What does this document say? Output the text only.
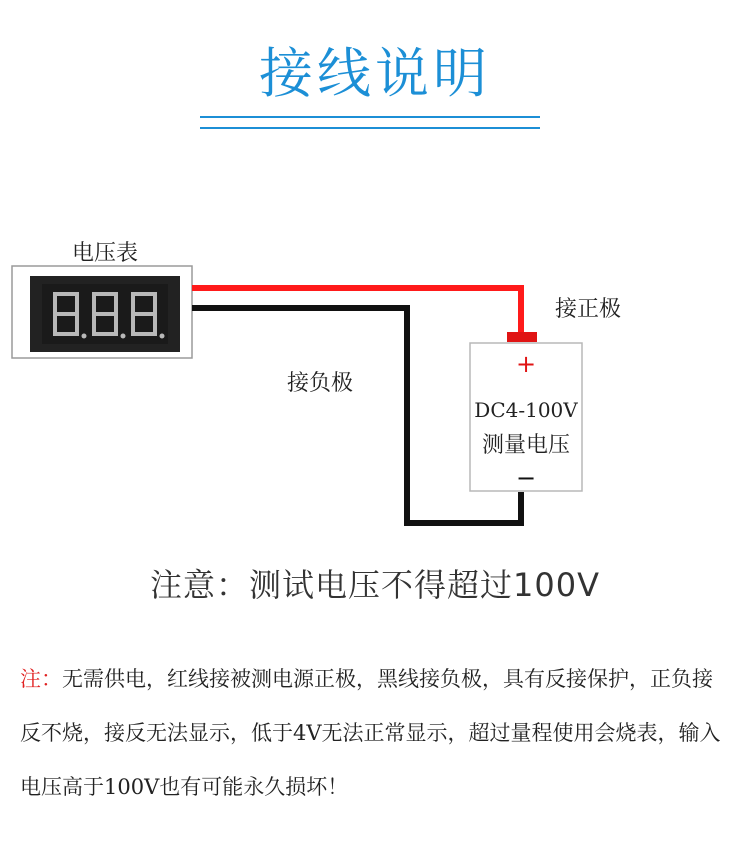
接线说明
+
−
电压表
接正极
接负极
DC4-100V
测量电压
注意：测试电压不得超过100V
注：无需供电，红线接被测电源正极，黑线接负极，具有反接保护，正负接反不烧，接反无法显示，低于4V无法正常显示，超过量程使用会烧表，输入电压高于100V也有可能永久损坏！
